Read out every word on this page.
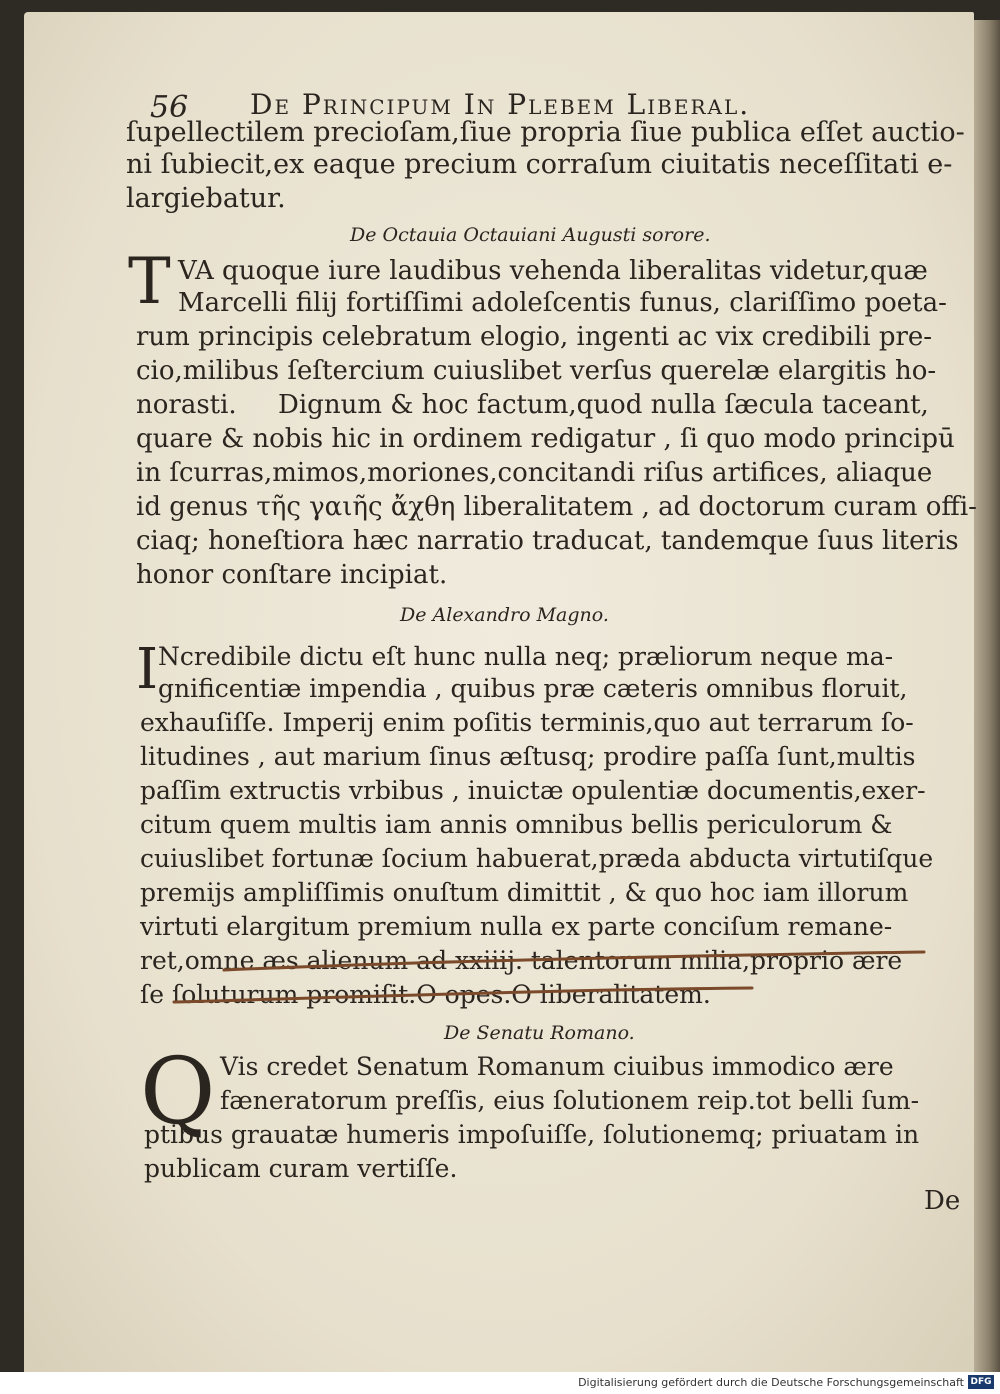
56 De Principum In Plebem Liberal.

ſupellectilem precioſam,ſiue propria ſiue publica eſſet auctio-

ni ſubiecit,ex eaque precium corraſum ciuitatis neceſſitati e-

largiebatur.

De Octauia Octauiani Augusti sorore.

T VA quoque iure laudibus vehenda liberalitas videtur,quæ

Marcelli filij fortiſſimi adoleſcentis funus, clariſſimo poeta-

rum principis celebratum elogio, ingenti ac vix credibili pre-

cio,milibus ſeſtercium cuiuslibet verſus querelæ elargitis ho-

norasti.     Dignum & hoc factum,quod nulla ſæcula taceant,

quare & nobis hic in ordinem redigatur , ſi quo modo principū

in ſcurras,mimos,moriones,concitandi riſus artifices, aliaque

id genus τῆς γαιῆς ἄχθη liberalitatem , ad doctorum curam offi-

ciaq; honeſtiora hæc narratio traducat, tandemque ſuus literis

honor conſtare incipiat.

De Alexandro Magno.

I Ncredibile dictu eſt hunc nulla neq; præliorum neque ma-

gnificentiæ impendia , quibus præ cæteris omnibus floruit,

exhauſiſſe. Imperij enim poſitis terminis,quo aut terrarum ſo-

litudines , aut marium ſinus æſtusq; prodire paſſa ſunt,multis

paſſim extructis vrbibus , inuictæ opulentiæ documentis,exer-

citum quem multis iam annis omnibus bellis periculorum &

cuiuslibet fortunæ ſocium habuerat,præda abducta virtutiſque

premijs ampliſſimis onuſtum dimittit , & quo hoc iam illorum

virtuti elargitum premium nulla ex parte conciſum remane-

ret,omne æs alienum ad xxiiij. talentorum milia,proprio ære

ſe ſoluturum promiſit.O opes.O liberalitatem.

De Senatu Romano.

Q Vis credet Senatum Romanum ciuibus immodico ære

fæneratorum preſſis, eius ſolutionem reip.tot belli ſum-

ptibus grauatæ humeris impoſuiſſe, ſolutionemq; priuatam in

publicam curam vertiſſe.

De
Digitalisierung gefördert durch die Deutsche Forschungsgemeinschaft DFG
